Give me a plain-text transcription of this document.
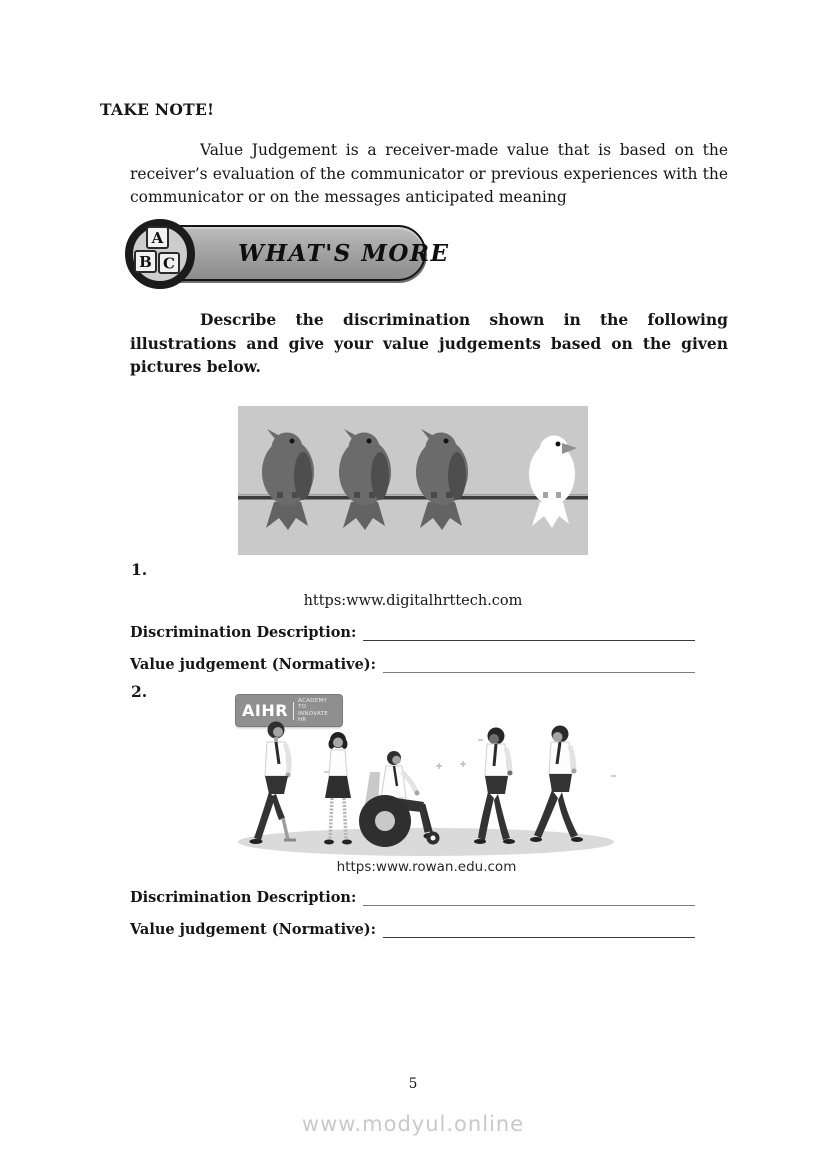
TAKE NOTE!
Value Judgement is a receiver-made value that is based on the receiver’s evaluation of the communicator or previous experiences with the communicator or on the messages anticipated meaning
WHAT'S MORE
A
B C
Describe the discrimination shown in the following illustrations and give your value judgements based on the given pictures below.
1.
https:www.digitalhrttech.com
Discrimination Description:
Value judgement (Normative):
2.
AIHR
ACADEMY TO
INNOVATE HR
https:www.rowan.edu.com
Discrimination Description:
Value judgement (Normative):
5
www.modyul.online
